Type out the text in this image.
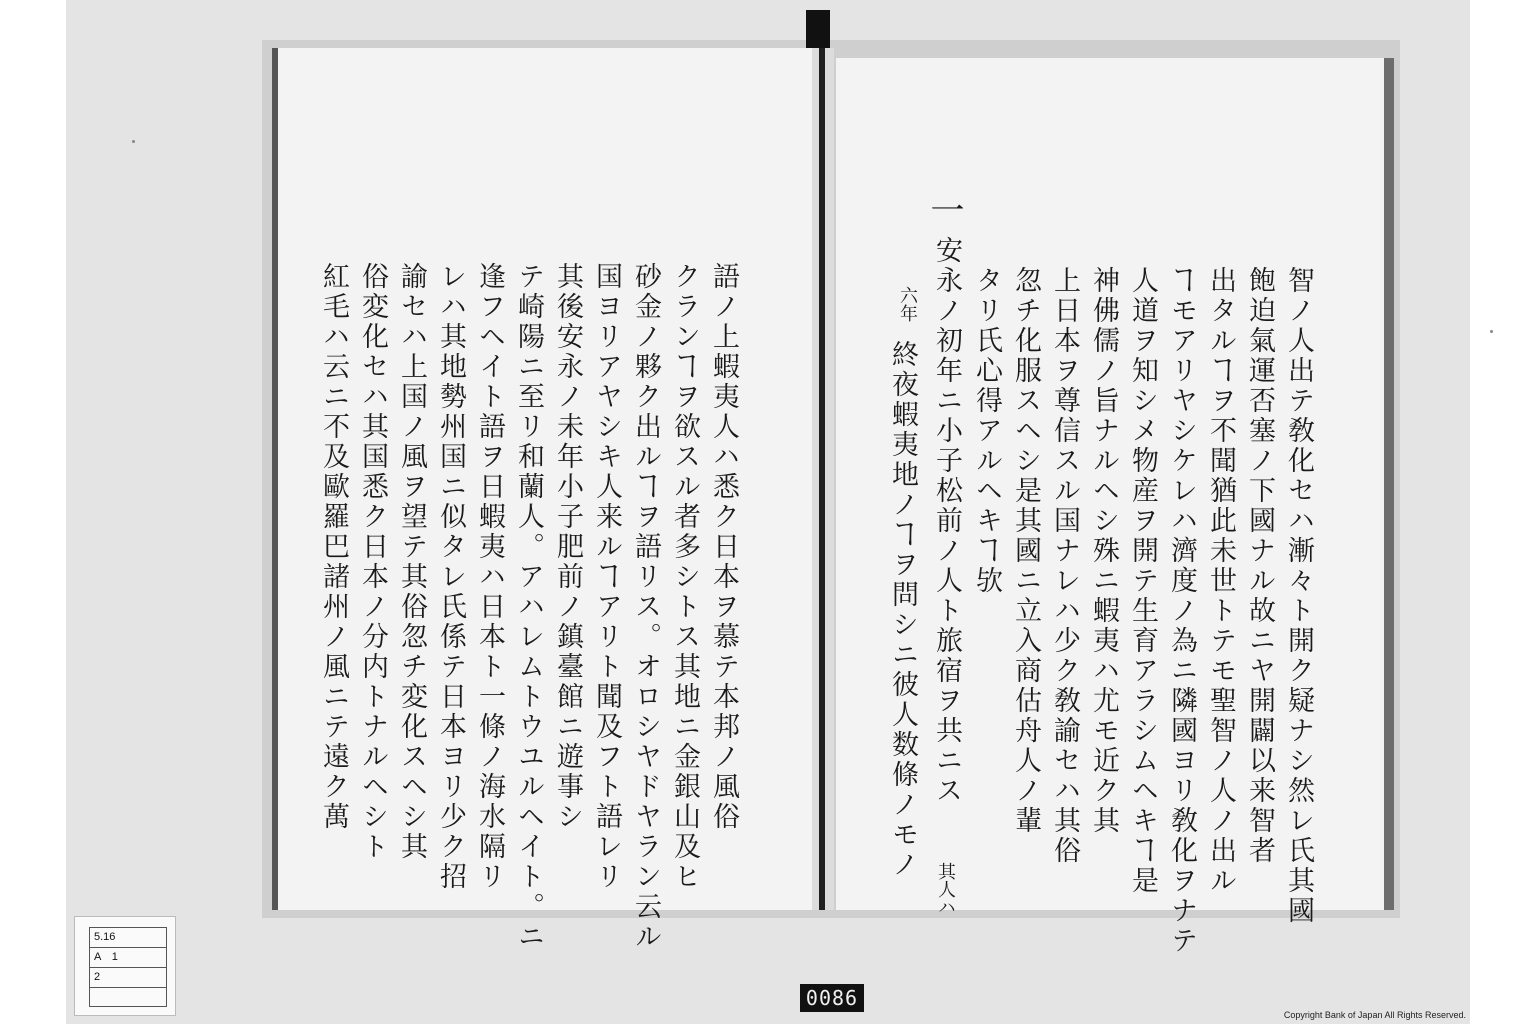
語ノ上蝦夷人ハ悉ク日本ヲ慕テ本邦ノ風俗
クランヿヲ欲スル者多シトス其地ニ金銀山及ヒ
砂金ノ夥ク出ルヿヲ語リス。オロシヤドヤラン云ル
国ヨリアヤシキ人来ルヿアリト聞及フト語レリ
其後安永ノ未年小子肥前ノ鎮臺館ニ遊事シ
テ崎陽ニ至リ和蘭人。アハレムトウユルヘイト。ニ
逢フヘイト語ヲ日蝦夷ハ日本ト一條ノ海水隔リ
レハ其地勢州国ニ似タレ氏係テ日本ヨリ少ク招
諭セハ上国ノ風ヲ望テ其俗忽チ変化スヘシ其
俗変化セハ其国悉ク日本ノ分内トナルヘシト
紅毛ハ云ニ不及歐羅巴諸州ノ風ニテ遠ク萬	智ノ人出テ敎化セハ漸々ト開ク疑ナシ然レ氏其國
飽迫氣運否塞ノ下國ナル故ニヤ開闢以来智者
出タルヿヲ不聞猶此未世トテモ聖智ノ人ノ出ル
ヿモアリヤシケレハ濟度ノ為ニ隣國ヨリ敎化ヲナテ
人道ヲ知シメ物産ヲ開テ生育アラシムヘキヿ是
神佛儒ノ旨ナルヘシ殊ニ蝦夷ハ尤モ近ク其
上日本ヲ尊信スル国ナレハ少ク敎諭セハ其俗
忽チ化服スヘシ是其國ニ立入商估舟人ノ輩
タリ氏心得アルヘキヿ欤
一
安永ノ初年ニ小子松前ノ人ト旅宿ヲ共ニス
其人ハ
六年
終夜蝦夷地ノヿヲ問シニ彼人数條ノモノ
5.16
A　1
2
0086
Copyright Bank of Japan All Rights Reserved.
